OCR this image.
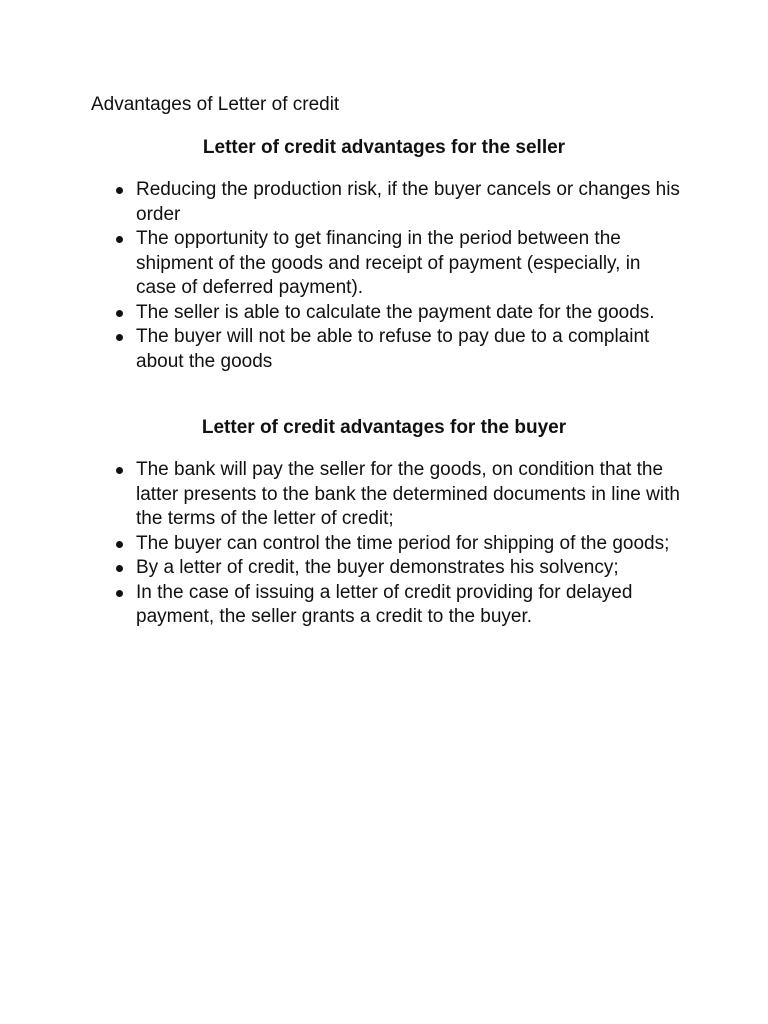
Advantages of Letter of credit
Letter of credit advantages for the seller
Reducing the production risk, if the buyer cancels or changes his order
The opportunity to get financing in the period between the shipment of the goods and receipt of payment (especially, in case of deferred payment).
The seller is able to calculate the payment date for the goods.
The buyer will not be able to refuse to pay due to a complaint about the goods
Letter of credit advantages for the buyer
The bank will pay the seller for the goods, on condition that the latter presents to the bank the determined documents in line with the terms of the letter of credit;
The buyer can control the time period for shipping of the goods;
By a letter of credit, the buyer demonstrates his solvency;
In the case of issuing a letter of credit providing for delayed payment, the seller grants a credit to the buyer.
